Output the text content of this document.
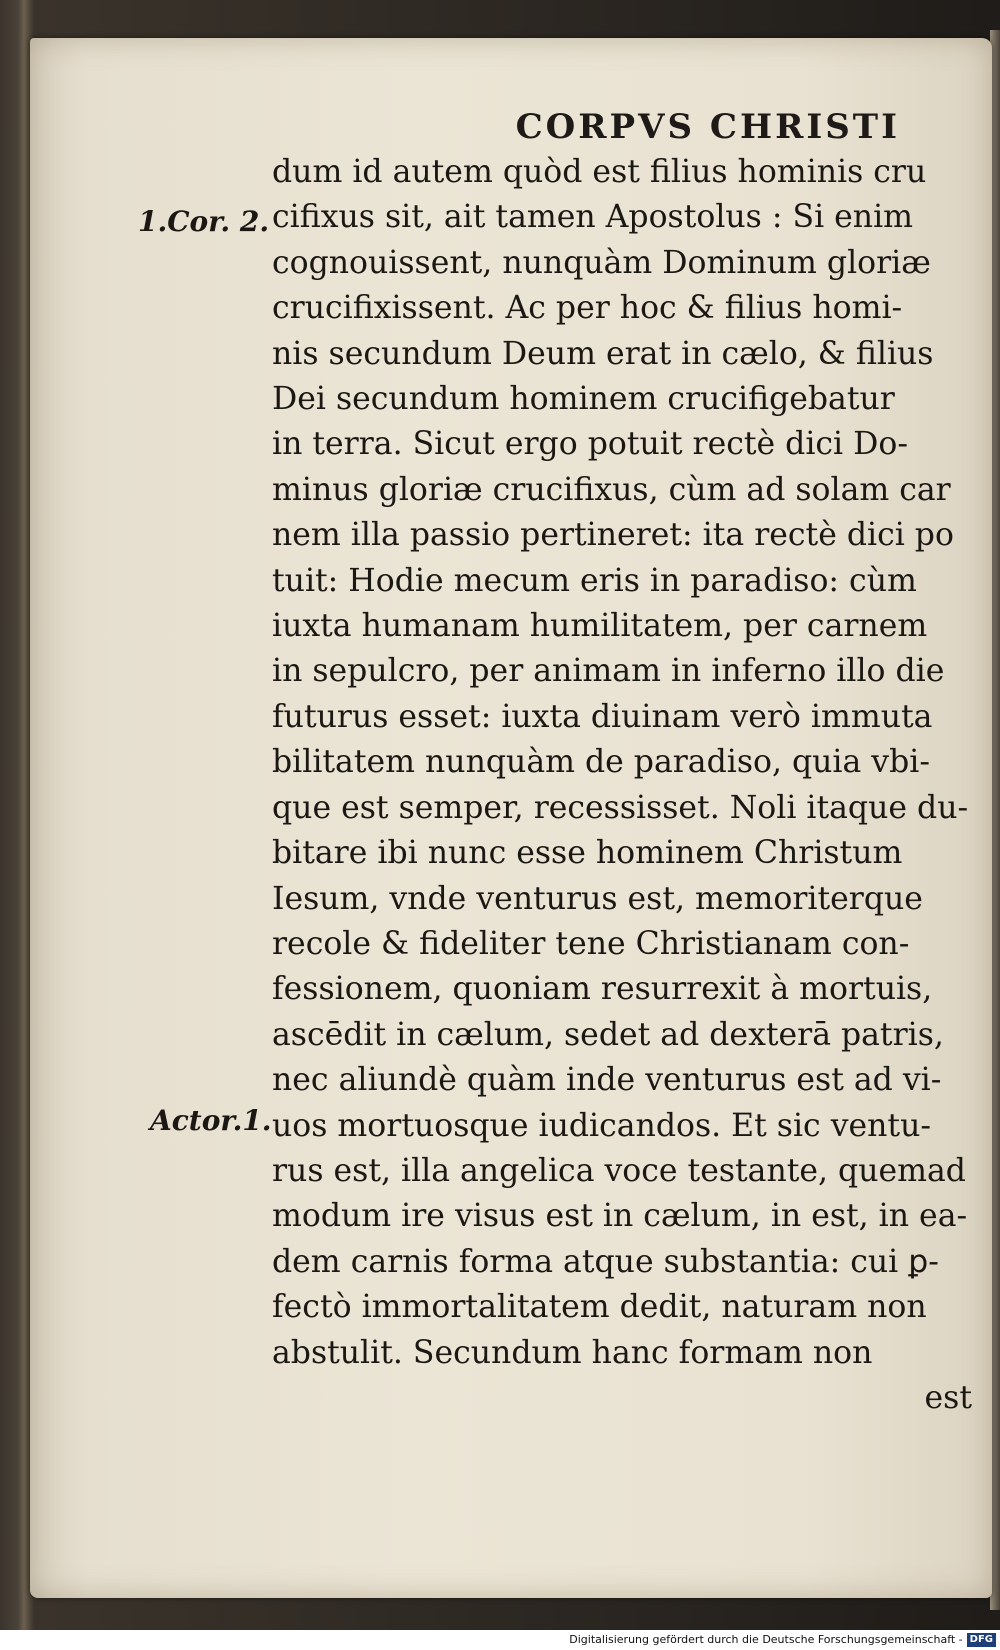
CORPVS CHRISTI
1.Cor. 2.
Actor.1.
dum id autem quòd est filius hominis cru
cifixus sit, ait tamen Apostolus : Si enim
cognouissent, nunquàm Dominum gloriæ
crucifixissent. Ac per hoc & filius homi-
nis secundum Deum erat in cælo, & filius
Dei secundum hominem crucifigebatur
in terra. Sicut ergo potuit rectè dici Do-
minus gloriæ crucifixus, cùm ad solam car
nem illa passio pertineret: ita rectè dici po
tuit: Hodie mecum eris in paradiso: cùm
iuxta humanam humilitatem, per carnem
in sepulcro, per animam in inferno illo die
futurus esset: iuxta diuinam verò immuta
bilitatem nunquàm de paradiso, quia vbi-
que est semper, recessisset. Noli itaque du-
bitare ibi nunc esse hominem Christum
Iesum, vnde venturus est, memoriterque
recole & fideliter tene Christianam con-
fessionem, quoniam resurrexit à mortuis,
ascēdit in cælum, sedet ad dexterā patris,
nec aliundè quàm inde venturus est ad vi-
uos mortuosque iudicandos. Et sic ventu-
rus est, illa angelica voce testante, quemad
modum ire visus est in cælum, in est, in ea-
dem carnis forma atque substantia: cui ꝑ-
fectò immortalitatem dedit, naturam non
abstulit. Secundum hanc formam non
est
Digitalisierung gefördert durch die Deutsche Forschungsgemeinschaft - DFG
